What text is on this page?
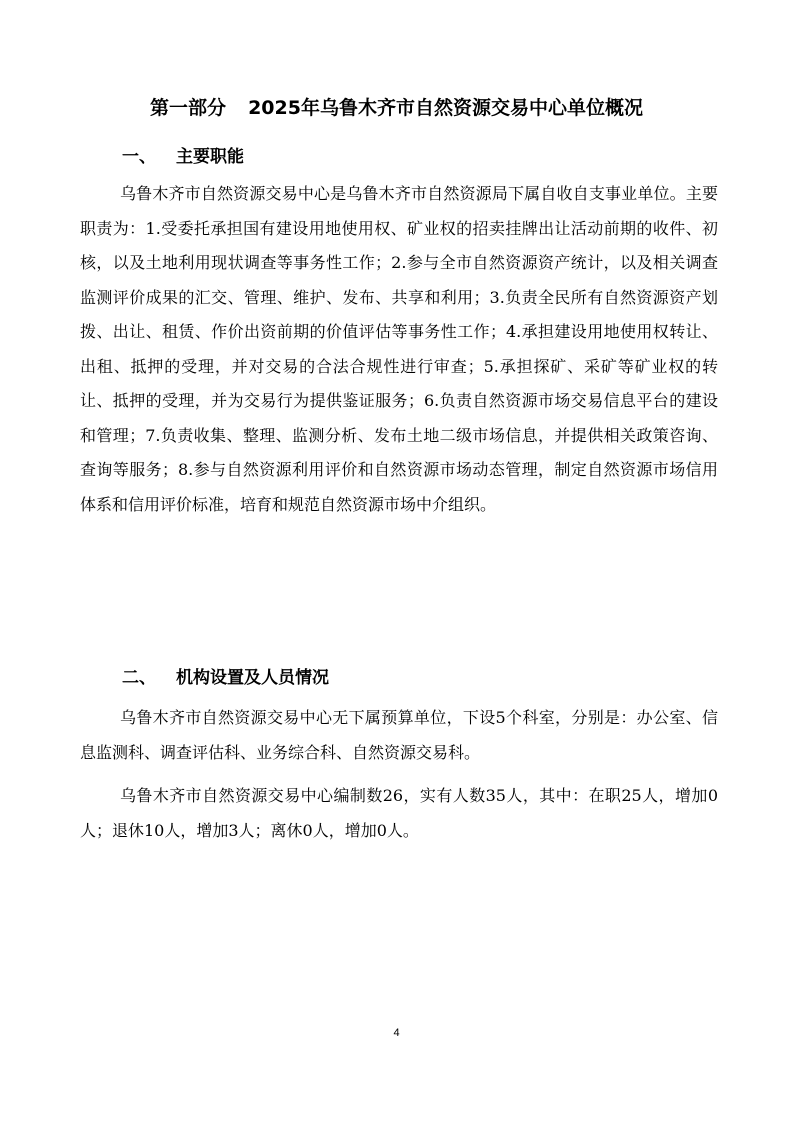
第一部分 2025年乌鲁木齐市自然资源交易中心单位概况
一、 主要职能

乌鲁木齐市自然资源交易中心是乌鲁木齐市自然资源局下属自收自支事业单位。主要职责为：1.受委托承担国有建设用地使用权、矿业权的招卖挂牌出让活动前期的收件、初核，以及土地利用现状调查等事务性工作；2.参与全市自然资源资产统计，以及相关调查监测评价成果的汇交、管理、维护、发布、共享和利用；3.负责全民所有自然资源资产划拨、出让、租赁、作价出资前期的价值评估等事务性工作；4.承担建设用地使用权转让、出租、抵押的受理，并对交易的合法合规性进行审查；5.承担探矿、采矿等矿业权的转让、抵押的受理，并为交易行为提供鉴证服务；6.负责自然资源市场交易信息平台的建设和管理；7.负责收集、整理、监测分析、发布土地二级市场信息，并提供相关政策咨询、查询等服务；8.参与自然资源利用评价和自然资源市场动态管理，制定自然资源市场信用体系和信用评价标准，培育和规范自然资源市场中介组织。

二、 机构设置及人员情况

乌鲁木齐市自然资源交易中心无下属预算单位，下设5个科室，分别是：办公室、信息监测科、调查评估科、业务综合科、自然资源交易科。

乌鲁木齐市自然资源交易中心编制数26，实有人数35人，其中：在职25人，增加0人；退休10人，增加3人；离休0人，增加0人。

4
